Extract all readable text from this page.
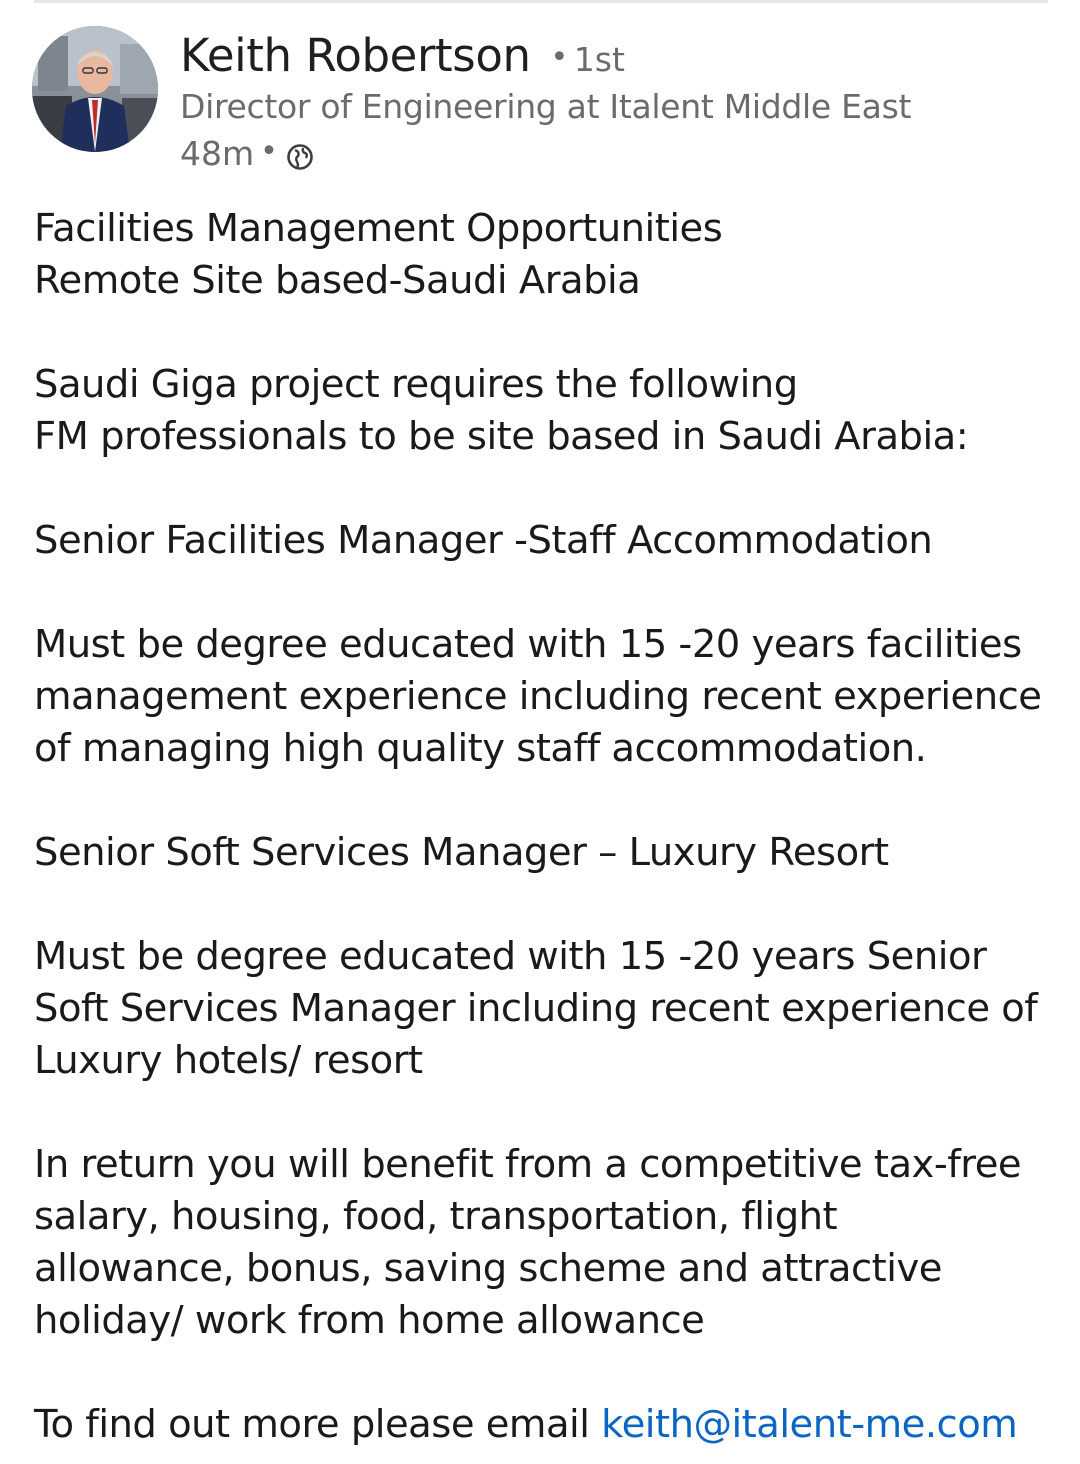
Keith Robertson • 1st
Director of Engineering at Italent Middle East
48m •

Facilities Management Opportunities
Remote Site based-Saudi Arabia

Saudi Giga project requires the following
FM professionals to be site based in Saudi Arabia:

Senior Facilities Manager -Staff Accommodation

Must be degree educated with 15 -20 years facilities management experience including recent experience of managing high quality staff accommodation.

Senior Soft Services Manager – Luxury Resort

Must be degree educated with 15 -20 years Senior Soft Services Manager including recent experience of Luxury hotels/ resort

In return you will benefit from a competitive tax-free salary, housing, food, transportation, flight allowance, bonus, saving scheme and attractive holiday/ work from home allowance

To find out more please email keith@italent-me.com
